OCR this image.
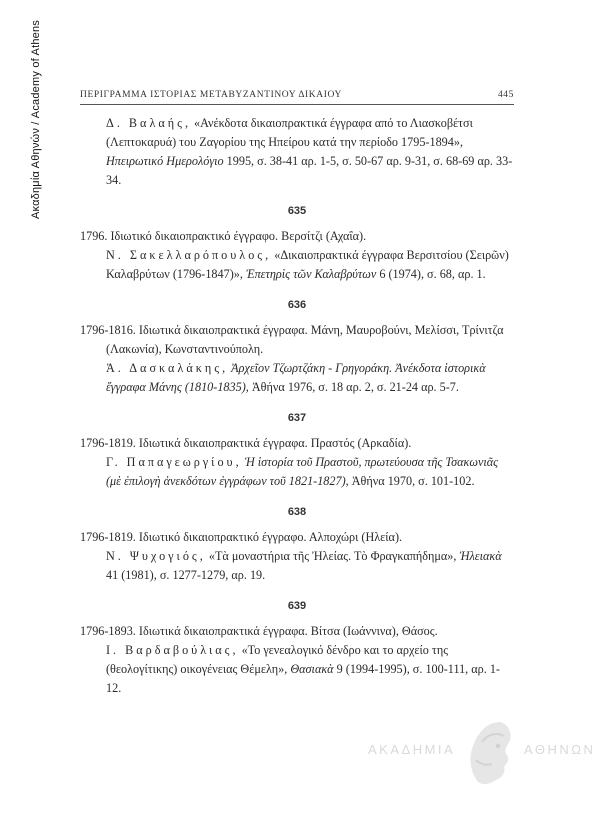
Ακαδημία Αθηνών / Academy of Athens	ΠΕΡΙΓΡΑΜΜΑ ΙΣΤΟΡΙΑΣ ΜΕΤΑΒΥΖΑΝΤΙΝΟΥ ΔΙΚΑΙΟΥ	445

Δ. Βαλαής, «Ανέκδοτα δικαιοπρακτικά έγγραφα από το Λιασκοβέτσι (Λεπτοκαρυά) του Ζαγορίου της Ηπείρου κατά την περίοδο 1795-1894», Ηπειρωτικό Ημερολόγιο 1995, σ. 38-41 αρ. 1-5, σ. 50-67 αρ. 9-31, σ. 68-69 αρ. 33-34.

635

1796. Ιδιωτικό δικαιοπρακτικό έγγραφο. Βερσίτζι (Αχαΐα).

Ν. Σακελλαρόπουλος, «Δικαιοπρακτικά έγγραφα Βερσιτσίου (Σειρῶν) Καλαβρύτων (1796-1847)», Ἐπετηρὶς τῶν Καλαβρύτων 6 (1974), σ. 68, αρ. 1.

636

1796-1816. Ιδιωτικά δικαιοπρακτικά έγγραφα. Μάνη, Μαυροβούνι, Μελίσσι, Τρίνιτζα (Λακωνία), Κωνσταντινούπολη.

Ἀ. Δασκαλάκης, Ἀρχεῖον Τζωρτζάκη - Γρηγοράκη. Ἀνέκδοτα ἱστορικὰ ἔγγραφα Μάνης (1810-1835), Ἀθήνα 1976, σ. 18 αρ. 2, σ. 21-24 αρ. 5-7.

637

1796-1819. Ιδιωτικά δικαιοπρακτικά έγγραφα. Πραστός (Αρκαδία).

Γ. Παπαγεωργίου, Ἡ ἱστορία τοῦ Πραστοῦ, πρωτεύουσα τῆς Τσακωνιᾶς (μὲ ἐπιλογὴ ἀνεκδότων ἐγγράφων τοῦ 1821-1827), Ἀθήνα 1970, σ. 101-102.

638

1796-1819. Ιδιωτικό δικαιοπρακτικό έγγραφο. Αλποχώρι (Ηλεία).

Ν. Ψυχογιός, «Τὰ μοναστήρια τῆς Ἠλείας. Τὸ Φραγκαπήδημα», Ἠλειακὰ 41 (1981), σ. 1277-1279, αρ. 19.

639

1796-1893. Ιδιωτικά δικαιοπρακτικά έγγραφα. Βίτσα (Ιωάννινα), Θάσος.

Ι. Βαρδαβούλιας, «Το γενεαλογικό δένδρο και το αρχείο της (θεολογίτικης) οικογένειας Θέμελη», Θασιακὰ 9 (1994-1995), σ. 100-111, αρ. 1-12.

ΑΚΑΔΗΜΙΑ	ΑΘΗΝΩΝ
